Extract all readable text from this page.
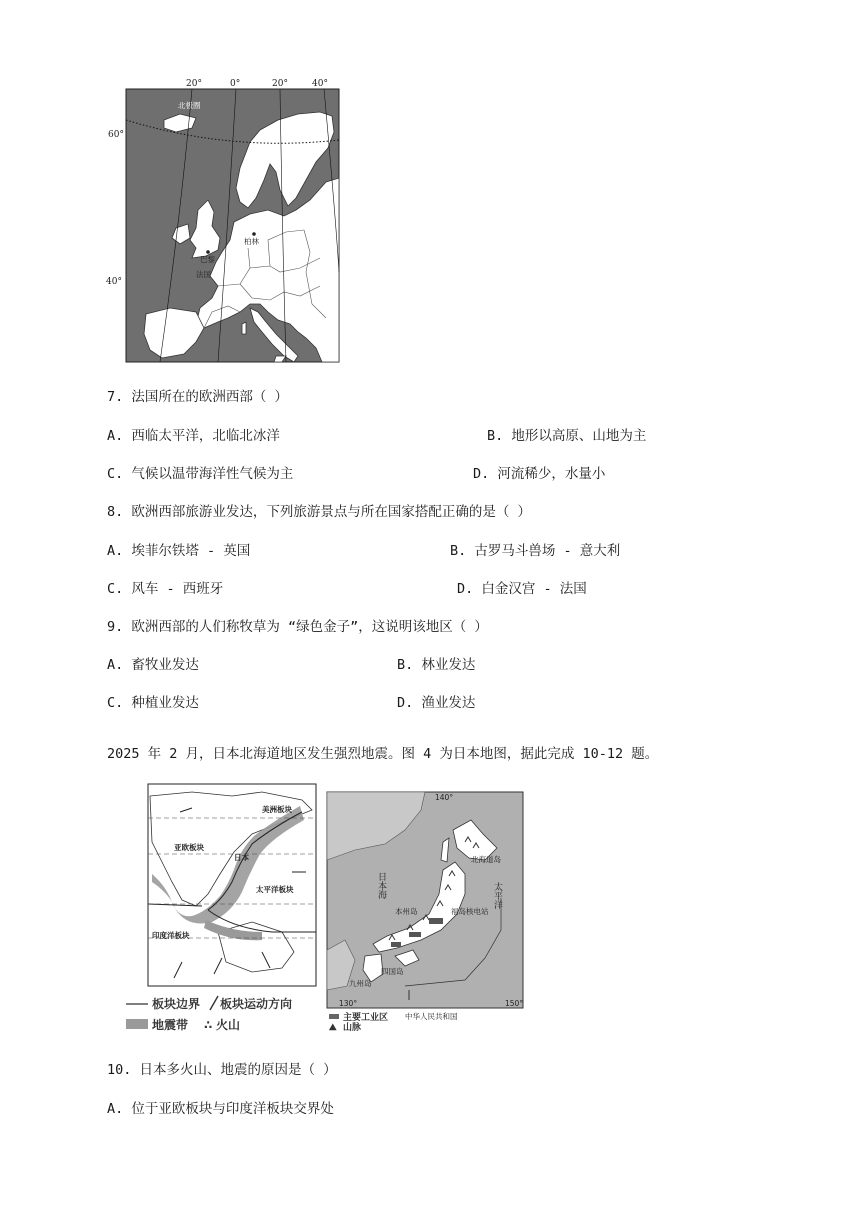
20°	0°	20°	40°
60°
40°
北极圈
柏林
巴黎
法国
7. 法国所在的欧洲西部（ ）
A. 西临太平洋，北临北冰洋	B. 地形以高原、山地为主
C. 气候以温带海洋性气候为主	D. 河流稀少，水量小
8. 欧洲西部旅游业发达，下列旅游景点与所在国家搭配正确的是（ ）
A. 埃菲尔铁塔 - 英国	B. 古罗马斗兽场 - 意大利
C. 风车 - 西班牙	D. 白金汉宫 - 法国
9. 欧洲西部的人们称牧草为 “绿色金子”，这说明该地区（ ）
A. 畜牧业发达	B. 林业发达
C. 种植业发达	D. 渔业发达
2025 年 2 月，日本北海道地区发生强烈地震。图 4 为日本地图，据此完成 10-12 题。
美洲板块
亚欧板块
日本
太平洋板块
印度洋板块
板块边界 板块运动方向
地震带 ∴ 火山
140°
130°	150°
日本海
北海道岛
太平洋
本州岛	福岛核电站
四国岛
九州岛
主要工业区
⛰ 山脉
中华人民共和国
10. 日本多火山、地震的原因是（ ）
A. 位于亚欧板块与印度洋板块交界处
